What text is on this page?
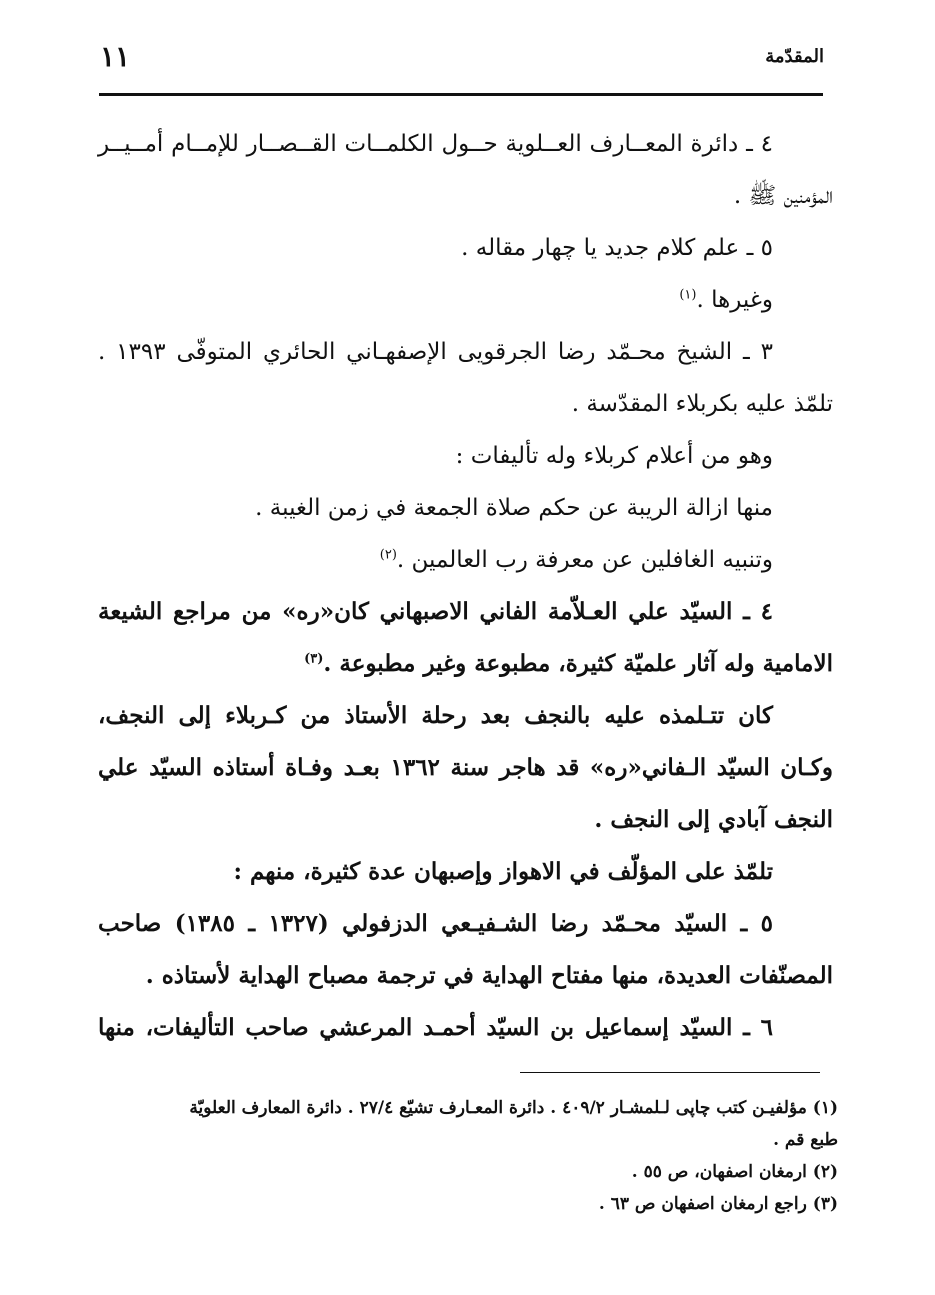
١١	المقدّمة

٤ ـ دائرة المعــارف العــلوية حــول الكلمــات القــصــار للإمــام أمــيــر

المؤمنين ﷺ .

٥ ـ علم كلام جديد يا چهار مقاله .

وغيرها .$^{(١)}$

٣ ـ الشيخ محـمّد رضا الجرقويى الإصفهـاني الحائري المتوفّى ١٣٩٣ .

تلمّذ عليه بكربلاء المقدّسة .

وهو من أعلام كربلاء وله تأليفات :

منها ازالة الريبة عن حكم صلاة الجمعة في زمن الغيبة .

وتنبيه الغافلين عن معرفة رب العالمين .$^{(٢)}$

٤ ـ السيّد علي العـلاّمة الفاني الاصبهاني كان«ره» من مراجع الشيعة

الامامية وله آثار علميّة كثيرة، مطبوعة وغير مطبوعة .$^{(٣)}$

كان تتـلمذه عليه بالنجف بعد رحلة الأستاذ من كـربلاء إلى النجف،

وكـان السيّد الـفاني«ره» قد هاجر سنة ١٣٦٢ بعـد وفـاة أستاذه السيّد علي

النجف آبادي إلى النجف .

تلمّذ على المؤلّف في الاهواز وإصبهان عدة كثيرة، منهم :

٥ ـ السيّد محـمّد رضا الشـفيـعي الدزفولي (١٣٢٧ ـ ١٣٨٥) صاحب

المصنّفات العديدة، منها مفتاح الهداية في ترجمة مصباح الهداية لأستاذه .

٦ ـ السيّد إسماعيل بن السيّد أحمـد المرعشي صاحب التأليفات، منها

(١) مؤلفيـن كتب چاپى لـلمشـار ٤٠٩/٢ . دائرة المعـارف تشيّع ٢٧/٤ . دائرة المعارف العلويّة

طبع قم .

(٢) ارمغان اصفهان، ص ٥٥ .

(٣) راجع ارمغان اصفهان ص ٦٣ .
